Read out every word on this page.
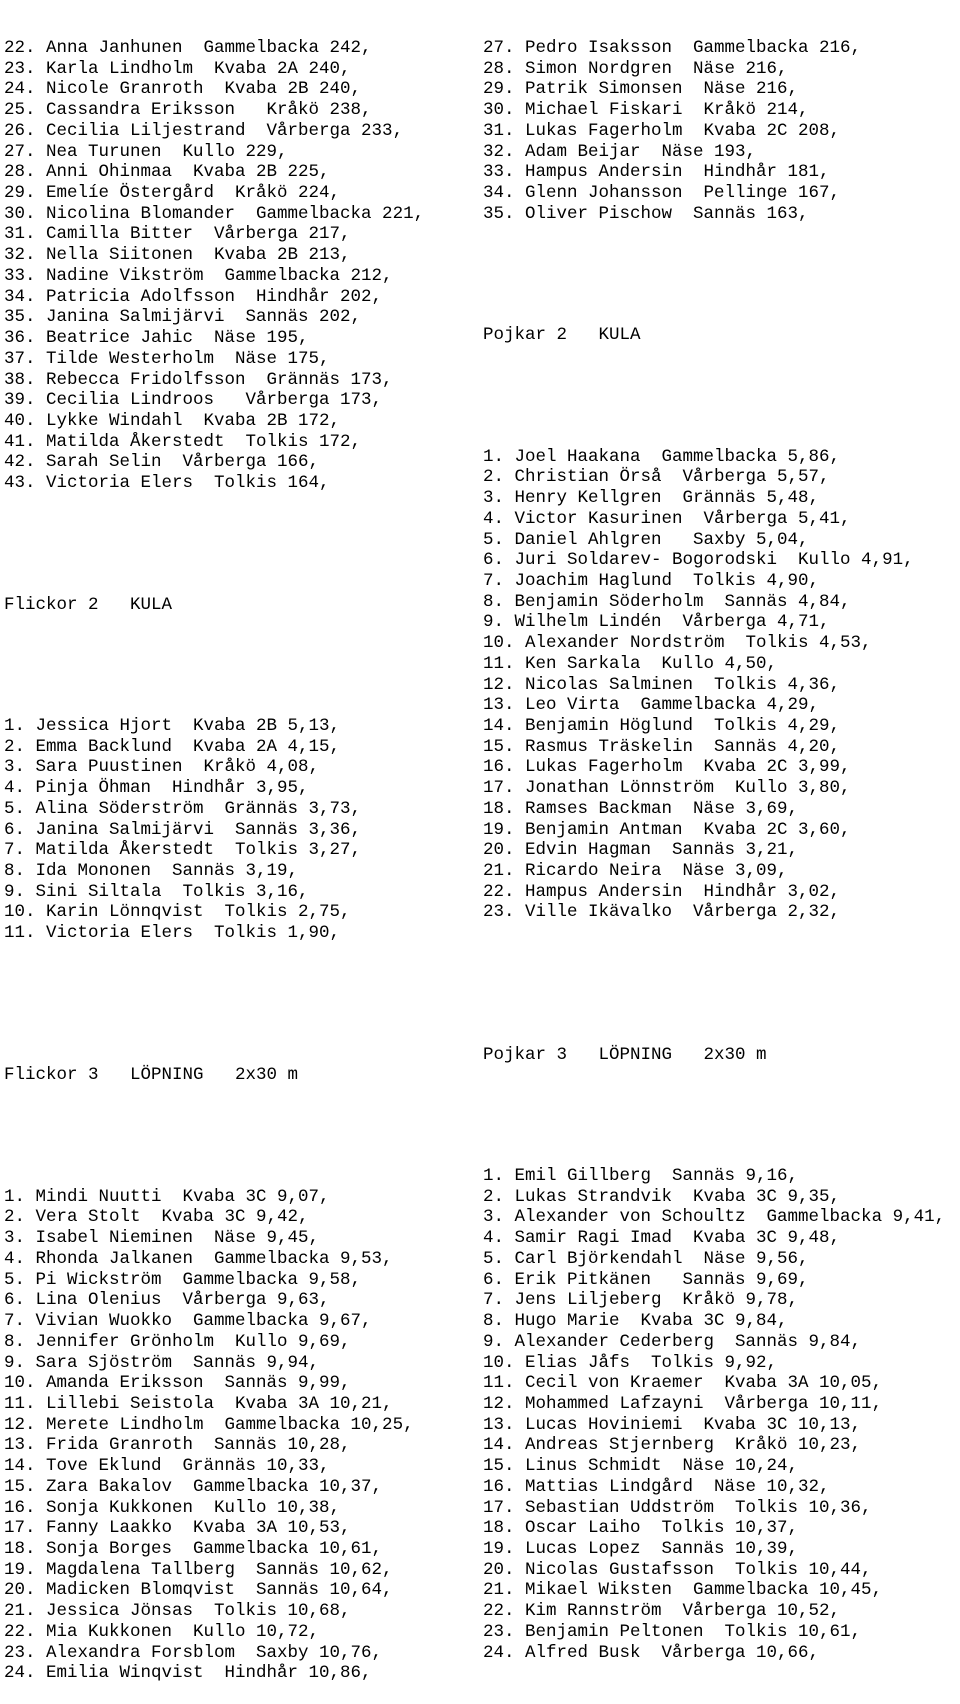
22. Anna Janhunen  Gammelbacka 242,
23. Karla Lindholm  Kvaba 2A 240,
24. Nicole Granroth  Kvaba 2B 240,
25. Cassandra Eriksson   Kråkö 238,
26. Cecilia Liljestrand  Vårberga 233,
27. Nea Turunen  Kullo 229,
28. Anni Ohinmaa  Kvaba 2B 225,
29. Emelíe Östergård  Kråkö 224,
30. Nicolina Blomander  Gammelbacka 221,
31. Camilla Bitter  Vårberga 217,
32. Nella Siitonen  Kvaba 2B 213,
33. Nadine Vikström  Gammelbacka 212,
34. Patricia Adolfsson  Hindhår 202,
35. Janina Salmijärvi  Sannäs 202,
36. Beatrice Jahic  Näse 195,
37. Tilde Westerholm  Näse 175,
38. Rebecca Fridolfsson  Grännäs 173,
39. Cecilia Lindroos   Vårberga 173,
40. Lykke Windahl  Kvaba 2B 172,
41. Matilda Åkerstedt  Tolkis 172,
42. Sarah Selin  Vårberga 166,
43. Victoria Elers  Tolkis 164,

Flickor 2   KULA

1. Jessica Hjort  Kvaba 2B 5,13,
2. Emma Backlund  Kvaba 2A 4,15,
3. Sara Puustinen  Kråkö 4,08,
4. Pinja Öhman  Hindhår 3,95,
5. Alina Söderström  Grännäs 3,73,
6. Janina Salmijärvi  Sannäs 3,36,
7. Matilda Åkerstedt  Tolkis 3,27,
8. Ida Mononen  Sannäs 3,19,
9. Sini Siltala  Tolkis 3,16,
10. Karin Lönnqvist  Tolkis 2,75,
11. Victoria Elers  Tolkis 1,90,

Flickor 3   LÖPNING   2x30 m

1. Mindi Nuutti  Kvaba 3C 9,07,
2. Vera Stolt  Kvaba 3C 9,42,
3. Isabel Nieminen  Näse 9,45,
4. Rhonda Jalkanen  Gammelbacka 9,53,
5. Pi Wickström  Gammelbacka 9,58,
6. Lina Olenius  Vårberga 9,63,
7. Vivian Wuokko  Gammelbacka 9,67,
8. Jennifer Grönholm  Kullo 9,69,
9. Sara Sjöström  Sannäs 9,94,
10. Amanda Eriksson  Sannäs 9,99,
11. Lillebi Seistola  Kvaba 3A 10,21,
12. Merete Lindholm  Gammelbacka 10,25,
13. Frida Granroth  Sannäs 10,28,
14. Tove Eklund  Grännäs 10,33,
15. Zara Bakalov  Gammelbacka 10,37,
16. Sonja Kukkonen  Kullo 10,38,
17. Fanny Laakko  Kvaba 3A 10,53,
18. Sonja Borges  Gammelbacka 10,61,
19. Magdalena Tallberg  Sannäs 10,62,
20. Madicken Blomqvist  Sannäs 10,64,
21. Jessica Jönsas  Tolkis 10,68,
22. Mia Kukkonen  Kullo 10,72,
23. Alexandra Forsblom  Saxby 10,76,
24. Emilia Winqvist  Hindhår 10,86,

27. Pedro Isaksson  Gammelbacka 216,
28. Simon Nordgren  Näse 216,
29. Patrik Simonsen  Näse 216,
30. Michael Fiskari  Kråkö 214,
31. Lukas Fagerholm  Kvaba 2C 208,
32. Adam Beijar  Näse 193,
33. Hampus Andersin  Hindhår 181,
34. Glenn Johansson  Pellinge 167,
35. Oliver Pischow  Sannäs 163,

Pojkar 2   KULA

1. Joel Haakana  Gammelbacka 5,86,
2. Christian Örså  Vårberga 5,57,
3. Henry Kellgren  Grännäs 5,48,
4. Victor Kasurinen  Vårberga 5,41,
5. Daniel Ahlgren   Saxby 5,04,
6. Juri Soldarev- Bogorodski  Kullo 4,91,
7. Joachim Haglund  Tolkis 4,90,
8. Benjamin Söderholm  Sannäs 4,84,
9. Wilhelm Lindén  Vårberga 4,71,
10. Alexander Nordström  Tolkis 4,53,
11. Ken Sarkala  Kullo 4,50,
12. Nicolas Salminen  Tolkis 4,36,
13. Leo Virta  Gammelbacka 4,29,
14. Benjamin Höglund  Tolkis 4,29,
15. Rasmus Träskelin  Sannäs 4,20,
16. Lukas Fagerholm  Kvaba 2C 3,99,
17. Jonathan Lönnström  Kullo 3,80,
18. Ramses Backman  Näse 3,69,
19. Benjamin Antman  Kvaba 2C 3,60,
20. Edvin Hagman  Sannäs 3,21,
21. Ricardo Neira  Näse 3,09,
22. Hampus Andersin  Hindhår 3,02,
23. Ville Ikävalko  Vårberga 2,32,

Pojkar 3   LÖPNING   2x30 m

1. Emil Gillberg  Sannäs 9,16,
2. Lukas Strandvik  Kvaba 3C 9,35,
3. Alexander von Schoultz  Gammelbacka 9,41,
4. Samir Ragi Imad  Kvaba 3C 9,48,
5. Carl Björkendahl  Näse 9,56,
6. Erik Pitkänen   Sannäs 9,69,
7. Jens Liljeberg  Kråkö 9,78,
8. Hugo Marie  Kvaba 3C 9,84,
9. Alexander Cederberg  Sannäs 9,84,
10. Elias Jåfs  Tolkis 9,92,
11. Cecil von Kraemer  Kvaba 3A 10,05,
12. Mohammed Lafzayni  Vårberga 10,11,
13. Lucas Hoviniemi  Kvaba 3C 10,13,
14. Andreas Stjernberg  Kråkö 10,23,
15. Linus Schmidt  Näse 10,24,
16. Mattias Lindgård  Näse 10,32,
17. Sebastian Uddström  Tolkis 10,36,
18. Oscar Laiho  Tolkis 10,37,
19. Lucas Lopez  Sannäs 10,39,
20. Nicolas Gustafsson  Tolkis 10,44,
21. Mikael Wiksten  Gammelbacka 10,45,
22. Kim Rannström  Vårberga 10,52,
23. Benjamin Peltonen  Tolkis 10,61,
24. Alfred Busk  Vårberga 10,66,
